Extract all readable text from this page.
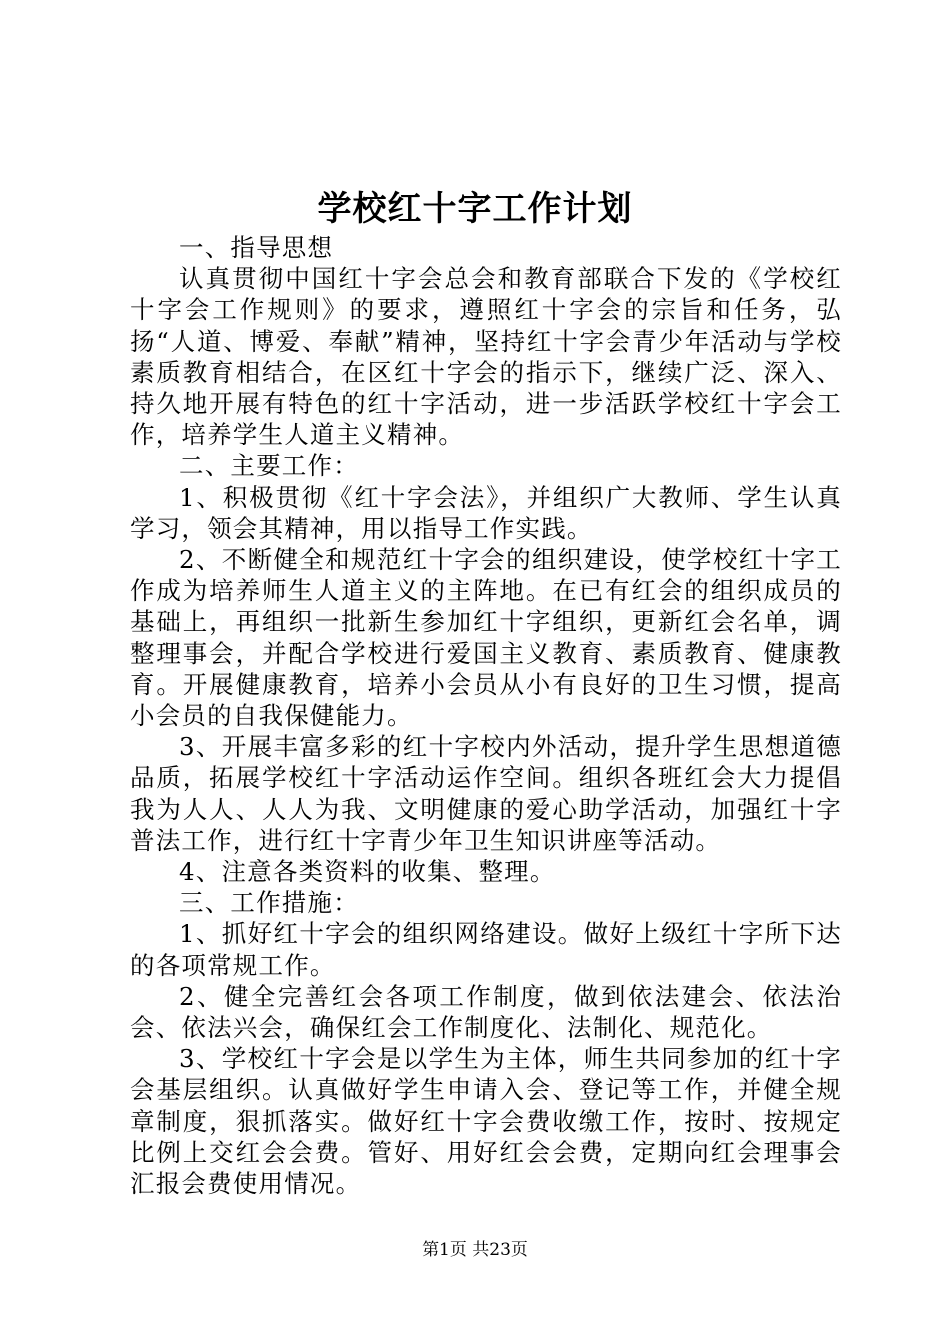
学校红十字工作计划

一、指导思想

认真贯彻中国红十字会总会和教育部联合下发的《学校红十字会工作规则》的要求，遵照红十字会的宗旨和任务，弘扬“人道、博爱、奉献”精神，坚持红十字会青少年活动与学校素质教育相结合，在区红十字会的指示下，继续广泛、深入、持久地开展有特色的红十字活动，进一步活跃学校红十字会工作，培养学生人道主义精神。

二、主要工作：

1、积极贯彻《红十字会法》，并组织广大教师、学生认真学习，领会其精神，用以指导工作实践。

2、不断健全和规范红十字会的组织建设，使学校红十字工作成为培养师生人道主义的主阵地。在已有红会的组织成员的基础上，再组织一批新生参加红十字组织，更新红会名单，调整理事会，并配合学校进行爱国主义教育、素质教育、健康教育。开展健康教育，培养小会员从小有良好的卫生习惯，提高小会员的自我保健能力。

3、开展丰富多彩的红十字校内外活动，提升学生思想道德品质，拓展学校红十字活动运作空间。组织各班红会大力提倡我为人人、人人为我、文明健康的爱心助学活动，加强红十字普法工作，进行红十字青少年卫生知识讲座等活动。

4、注意各类资料的收集、整理。

三、工作措施：

1、抓好红十字会的组织网络建设。做好上级红十字所下达的各项常规工作。

2、健全完善红会各项工作制度，做到依法建会、依法治会、依法兴会，确保红会工作制度化、法制化、规范化。

3、学校红十字会是以学生为主体，师生共同参加的红十字会基层组织。认真做好学生申请入会、登记等工作，并健全规章制度，狠抓落实。做好红十字会费收缴工作，按时、按规定比例上交红会会费。管好、用好红会会费，定期向红会理事会汇报会费使用情况。

第1页 共23页
